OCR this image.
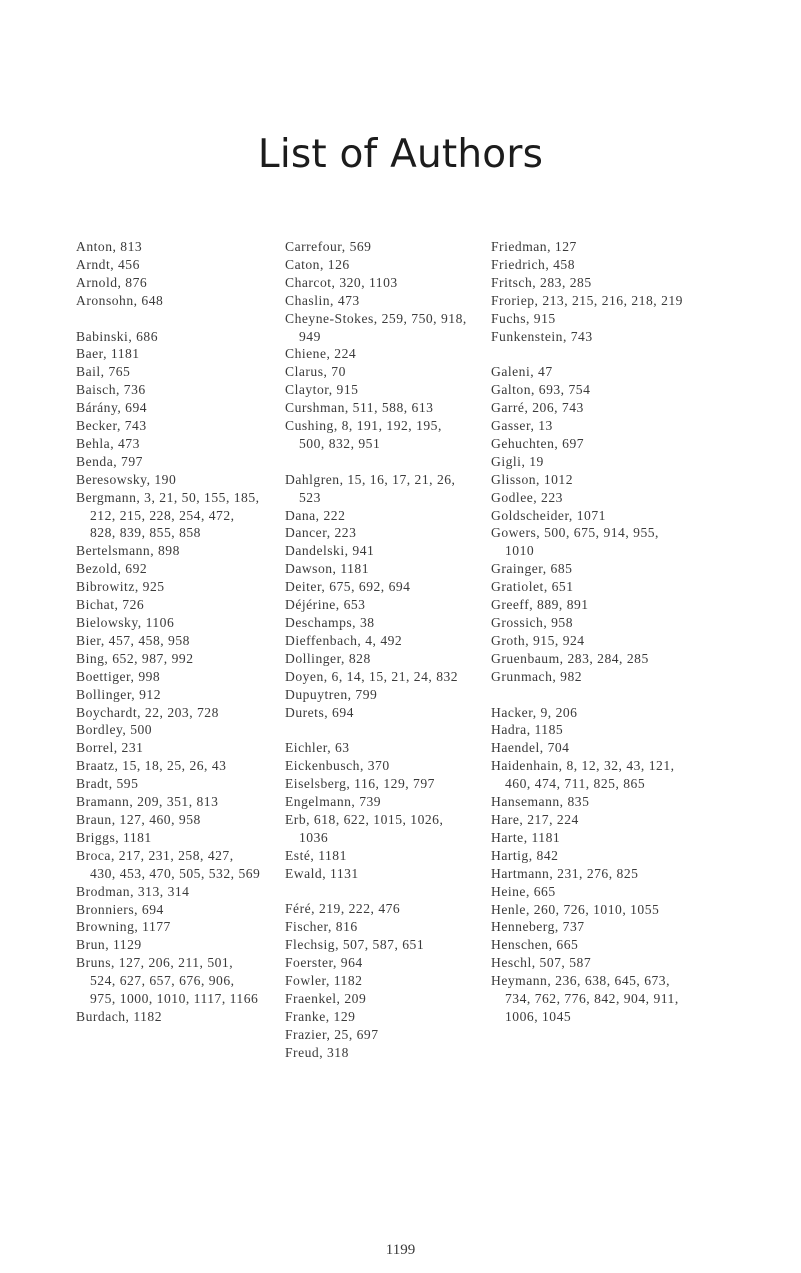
List of Authors
Anton, 813
Arndt, 456
Arnold, 876
Aronsohn, 648
Babinski, 686
Baer, 1181
Bail, 765
Baisch, 736
Bárány, 694
Becker, 743
Behla, 473
Benda, 797
Beresowsky, 190
Bergmann, 3, 21, 50, 155, 185, 212, 215, 228, 254, 472, 828, 839, 855, 858
Bertelsmann, 898
Bezold, 692
Bibrowitz, 925
Bichat, 726
Bielowsky, 1106
Bier, 457, 458, 958
Bing, 652, 987, 992
Boettiger, 998
Bollinger, 912
Boychardt, 22, 203, 728
Bordley, 500
Borrel, 231
Braatz, 15, 18, 25, 26, 43
Bradt, 595
Bramann, 209, 351, 813
Braun, 127, 460, 958
Briggs, 1181
Broca, 217, 231, 258, 427, 430, 453, 470, 505, 532, 569
Brodman, 313, 314
Bronniers, 694
Browning, 1177
Brun, 1129
Bruns, 127, 206, 211, 501, 524, 627, 657, 676, 906, 975, 1000, 1010, 1117, 1166
Burdach, 1182
Carrefour, 569
Caton, 126
Charcot, 320, 1103
Chaslin, 473
Cheyne-Stokes, 259, 750, 918, 949
Chiene, 224
Clarus, 70
Claytor, 915
Curshman, 511, 588, 613
Cushing, 8, 191, 192, 195, 500, 832, 951
Dahlgren, 15, 16, 17, 21, 26, 523
Dana, 222
Dancer, 223
Dandelski, 941
Dawson, 1181
Deiter, 675, 692, 694
Déjérine, 653
Deschamps, 38
Dieffenbach, 4, 492
Dollinger, 828
Doyen, 6, 14, 15, 21, 24, 832
Dupuytren, 799
Durets, 694
Eichler, 63
Eickenbusch, 370
Eiselsberg, 116, 129, 797
Engelmann, 739
Erb, 618, 622, 1015, 1026, 1036
Esté, 1181
Ewald, 1131
Féré, 219, 222, 476
Fischer, 816
Flechsig, 507, 587, 651
Foerster, 964
Fowler, 1182
Fraenkel, 209
Franke, 129
Frazier, 25, 697
Freud, 318
Friedman, 127
Friedrich, 458
Fritsch, 283, 285
Froriep, 213, 215, 216, 218, 219
Fuchs, 915
Funkenstein, 743
Galeni, 47
Galton, 693, 754
Garré, 206, 743
Gasser, 13
Gehuchten, 697
Gigli, 19
Glisson, 1012
Godlee, 223
Goldscheider, 1071
Gowers, 500, 675, 914, 955, 1010
Grainger, 685
Gratiolet, 651
Greeff, 889, 891
Grossich, 958
Groth, 915, 924
Gruenbaum, 283, 284, 285
Grunmach, 982
Hacker, 9, 206
Hadra, 1185
Haendel, 704
Haidenhain, 8, 12, 32, 43, 121, 460, 474, 711, 825, 865
Hansemann, 835
Hare, 217, 224
Harte, 1181
Hartig, 842
Hartmann, 231, 276, 825
Heine, 665
Henle, 260, 726, 1010, 1055
Henneberg, 737
Henschen, 665
Heschl, 507, 587
Heymann, 236, 638, 645, 673, 734, 762, 776, 842, 904, 911, 1006, 1045
1199
